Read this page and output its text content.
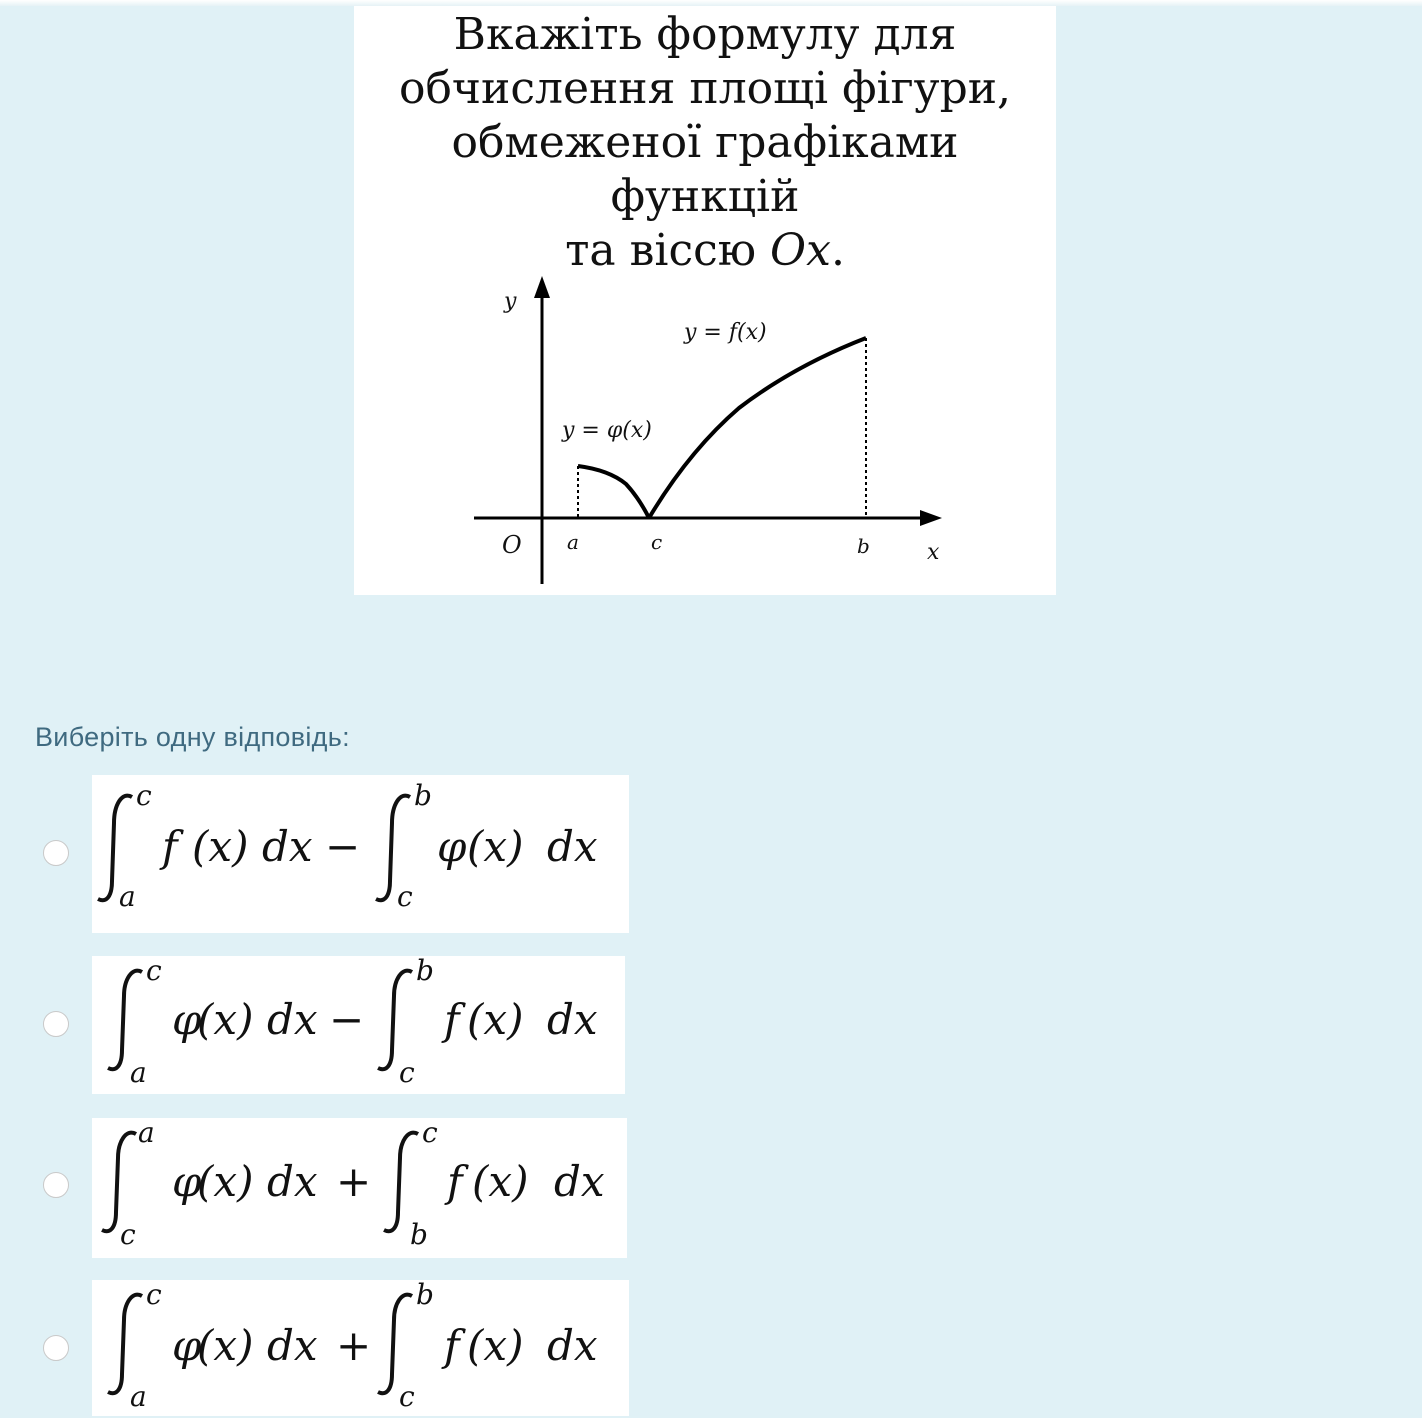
Вкажіть формулу для
обчислення площі фігури,
обмеженої графіками функцій
та віссю Ox.
y
x
O a	c	b
y = f(x)
y = φ(x)
Виберіть одну відповідь:
c
a
f (x) dx −
b
c
φ (x) dx
c
a
φ
(x) dx −
b
c
f (x) dx
a
c
φ
(x) dx +
c
b
f (x) dx
c
a
φ
(x) dx +
b
c
f (x) dx
